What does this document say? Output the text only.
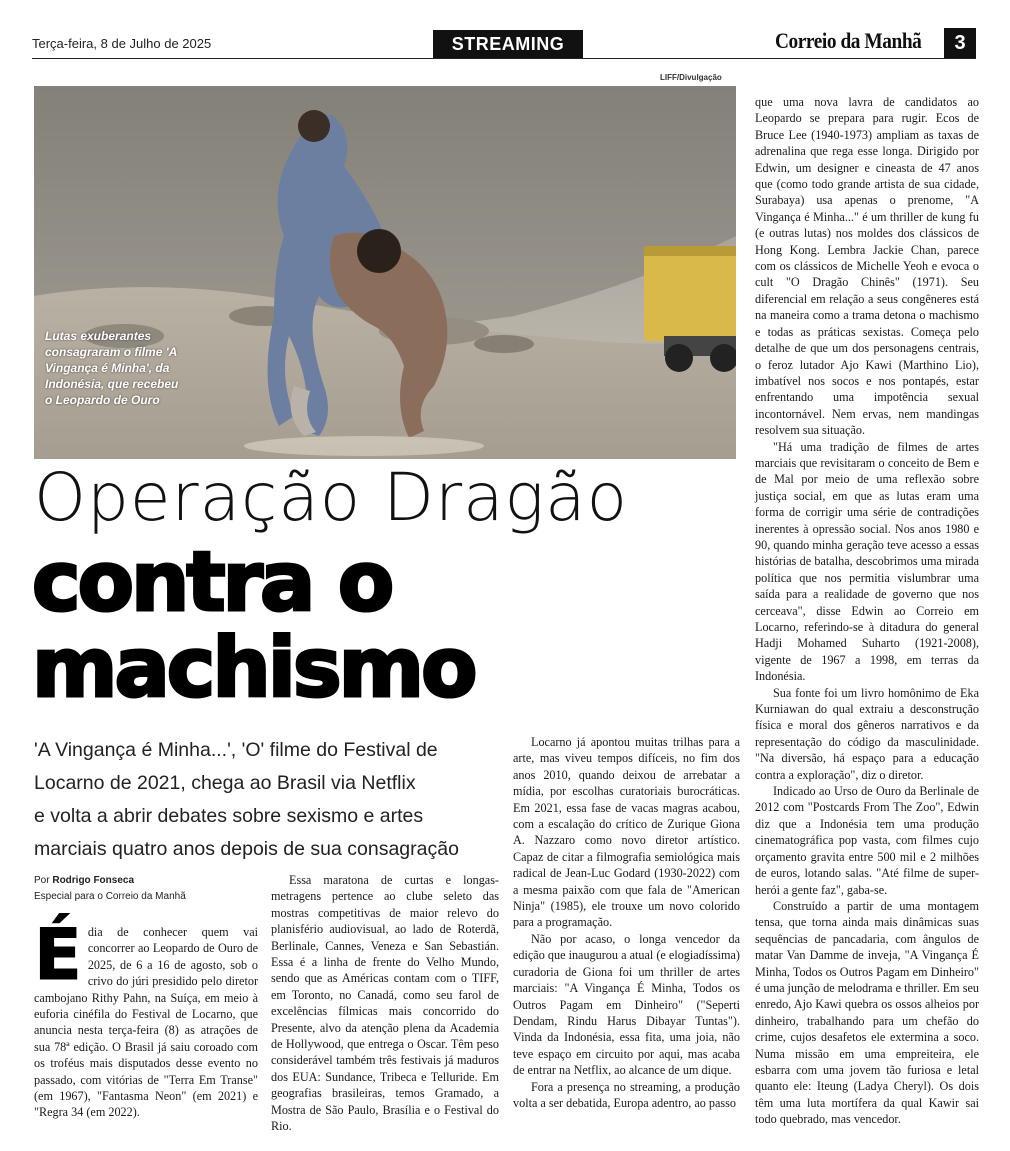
Terça-feira, 8 de Julho de 2025	STREAMING	Correio da Manhã	3
LIFF/Divulgação
Lutas exuberantes consagraram o filme 'A Vingança é Minha', da Indonésia, que recebeu o Leopardo de Ouro
Operação Dragão
contra o
machismo
'A Vingança é Minha...', 'O' filme do Festival de
Locarno de 2021, chega ao Brasil via Netflix
e volta a abrir debates sobre sexismo e artes
marciais quatro anos depois de sua consagração
Por Rodrigo Fonseca
Especial para o Correio da Manhã

Édia de conhecer quem vai concorrer ao Leopardo de Ouro de 2025, de 6 a 16 de agosto, sob o crivo do júri presidido pelo diretor cambojano Rithy Pahn, na Suíça, em meio à euforia cinéfila do Festival de Locarno, que anuncia nesta terça-feira (8) as atrações de sua 78ª edição. O Brasil já saiu coroado com os troféus mais disputados desse evento no passado, com vitórias de "Terra Em Transe" (em 1967), "Fantasma Neon" (em 2021) e "Regra 34 (em 2022).

Essa maratona de curtas e longas-metragens pertence ao clube seleto das mostras competitivas de maior relevo do planisfério audiovisual, ao lado de Roterdã, Berlinale, Cannes, Veneza e San Sebastián. Essa é a linha de frente do Velho Mundo, sendo que as Américas contam com o TIFF, em Toronto, no Canadá, como seu farol de excelências fílmicas mais concorrido do Presente, alvo da atenção plena da Academia de Hollywood, que entrega o Oscar. Têm peso considerável também três festivais já maduros dos EUA: Sundance, Tribeca e Telluride. Em geografias brasileiras, temos Gramado, a Mostra de São Paulo, Brasília e o Festival do Rio.

Locarno já apontou muitas trilhas para a arte, mas viveu tempos difíceis, no fim dos anos 2010, quando deixou de arrebatar a mídia, por escolhas curatoriais burocráticas. Em 2021, essa fase de vacas magras acabou, com a escalação do crítico de Zurique Giona A. Nazzaro como novo diretor artístico. Capaz de citar a filmografia semiológica mais radical de Jean-Luc Godard (1930-2022) com a mesma paixão com que fala de "American Ninja" (1985), ele trouxe um novo colorido para a programação.

Não por acaso, o longa vencedor da edição que inaugurou a atual (e elogiadíssima) curadoria de Giona foi um thriller de artes marciais: "A Vingança É Minha, Todos os Outros Pagam em Dinheiro" ("Seperti Dendam, Rindu Harus Dibayar Tuntas"). Vinda da Indonésia, essa fita, uma joia, não teve espaço em circuito por aqui, mas acaba de entrar na Netflix, ao alcance de um dique.

Fora a presença no streaming, a produção volta a ser debatida, Europa adentro, ao passo

que uma nova lavra de candidatos ao Leopardo se prepara para rugir. Ecos de Bruce Lee (1940-1973) ampliam as taxas de adrenalina que rega esse longa. Dirigido por Edwin, um designer e cineasta de 47 anos que (como todo grande artista de sua cidade, Surabaya) usa apenas o prenome, "A Vingança é Minha..." é um thriller de kung fu (e outras lutas) nos moldes dos clássicos de Hong Kong. Lembra Jackie Chan, parece com os clássicos de Michelle Yeoh e evoca o cult "O Dragão Chinês" (1971). Seu diferencial em relação a seus congêneres está na maneira como a trama detona o machismo e todas as práticas sexistas. Começa pelo detalhe de que um dos personagens centrais, o feroz lutador Ajo Kawi (Marthino Lio), imbatível nos socos e nos pontapés, estar enfrentando uma impotência sexual incontornável. Nem ervas, nem mandingas resolvem sua situação.

"Há uma tradição de filmes de artes marciais que revisitaram o conceito de Bem e de Mal por meio de uma reflexão sobre justiça social, em que as lutas eram uma forma de corrigir uma série de contradições inerentes à opressão social. Nos anos 1980 e 90, quando minha geração teve acesso a essas histórias de batalha, descobrimos uma mirada política que nos permitia vislumbrar uma saída para a realidade de governo que nos cerceava", disse Edwin ao Correio em Locarno, referindo-se à ditadura do general Hadji Mohamed Suharto (1921-2008), vigente de 1967 a 1998, em terras da Indonésia.

Sua fonte foi um livro homônimo de Eka Kurniawan do qual extraiu a desconstrução física e moral dos gêneros narrativos e da representação do código da masculinidade. "Na diversão, há espaço para a educação contra a exploração", diz o diretor.

Indicado ao Urso de Ouro da Berlinale de 2012 com "Postcards From The Zoo", Edwin diz que a Indonésia tem uma produção cinematográfica pop vasta, com filmes cujo orçamento gravita entre 500 mil e 2 milhões de euros, lotando salas. "Até filme de super-herói a gente faz", gaba-se.

Construído a partir de uma montagem tensa, que torna ainda mais dinâmicas suas sequências de pancadaria, com ângulos de matar Van Damme de inveja, "A Vingança É Minha, Todos os Outros Pagam em Dinheiro" é uma junção de melodrama e thriller. Em seu enredo, Ajo Kawi quebra os ossos alheios por dinheiro, trabalhando para um chefão do crime, cujos desafetos ele extermina a soco. Numa missão em uma empreiteira, ele esbarra com uma jovem tão furiosa e letal quanto ele: Iteung (Ladya Cheryl). Os dois têm uma luta mortífera da qual Kawir sai todo quebrado, mas vencedor.
